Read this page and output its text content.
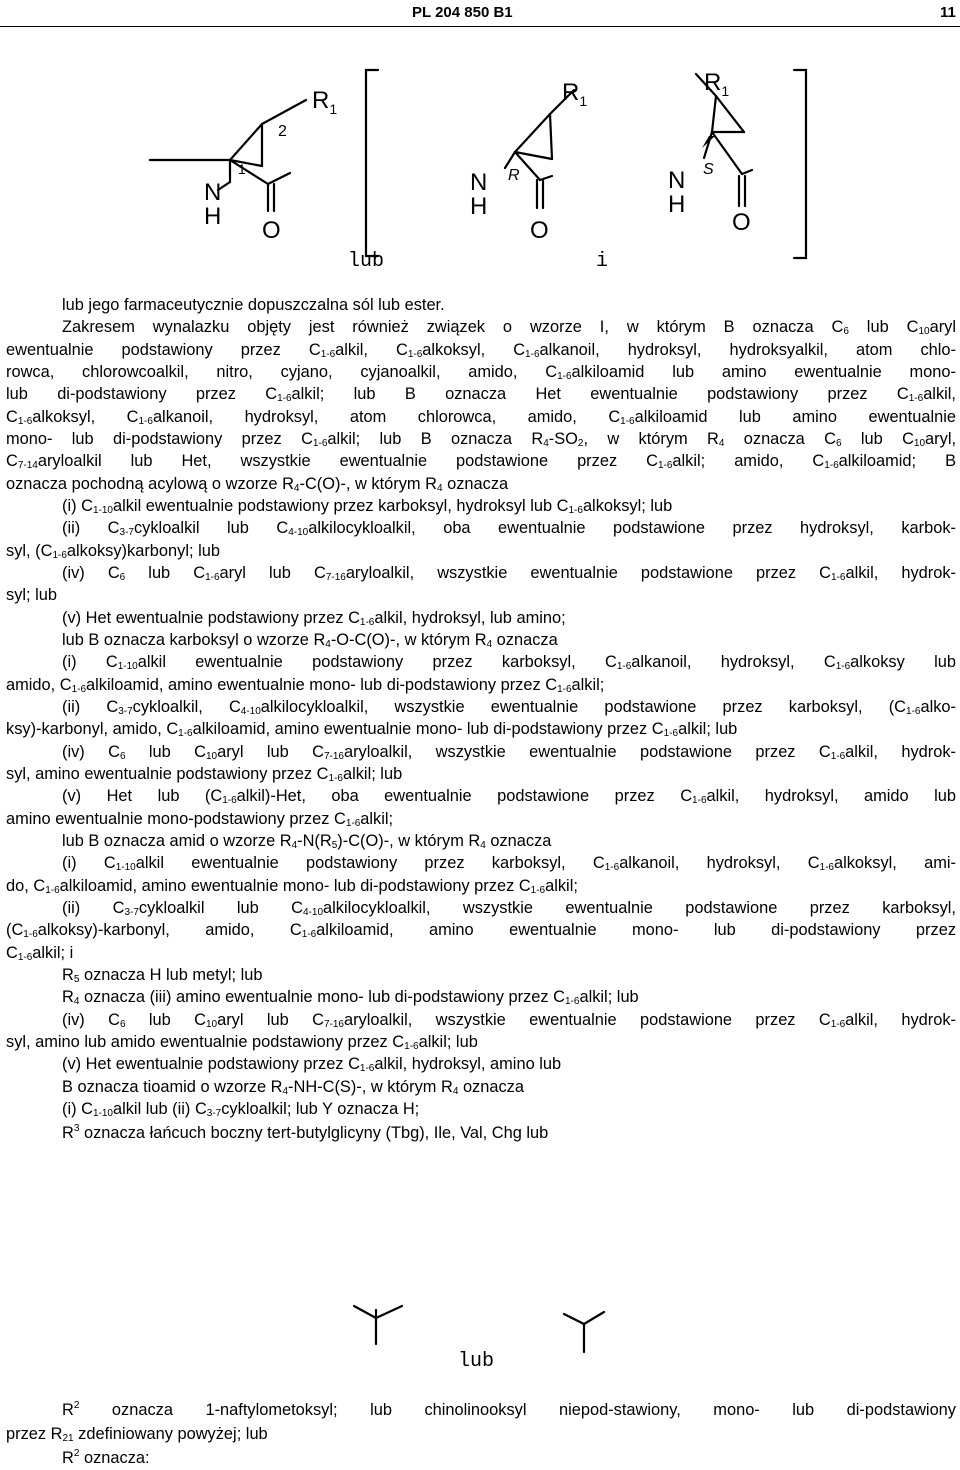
PL 204 850 B1	11
$R_1$
2
1
N
H
O
$R_1$
N
H
R
O
$R_1$
N
H
S
O
lub	i
lub jego farmaceutycznie dopuszczalna sól lub ester.
Zakresem wynalazku objęty jest również związek o wzorze I, w którym B oznacza $C_6$ lub $C_{10}aryl$
ewentualnie podstawiony przez $C_{1-6}alkil$, $C_{1-6}alkoksyl$, $C_{1-6}alkanoil$, hydroksyl, hydroksyalkil, atom chlo-
rowca, chlorowcoalkil, nitro, cyjano, cyjanoalkil, amido, $C_{1-6}alkiloamid$ lub amino ewentualnie mono-
lub di-podstawiony przez $C_{1-6}alkil$; lub B oznacza Het ewentualnie podstawiony przez $C_{1-6}alkil$,
$C_{1-6}alkoksyl$, $C_{1-6}alkanoil$, hydroksyl, atom chlorowca, amido, $C_{1-6}alkiloamid$ lub amino ewentualnie
mono- lub di-podstawiony przez $C_{1-6}alkil$; lub B oznacza $R_4-SO_2$, w którym $R_4$ oznacza $C_6$ lub $C_{10}aryl$,
$C_{7-14}aryloalkil$ lub Het, wszystkie ewentualnie podstawione przez $C_{1-6}alkil$; amido, $C_{1-6}alkiloamid$; B
oznacza pochodną acylową o wzorze $R_4-C(O)-$, w którym $R_4$ oznacza
(i) $C_{1-10}alkil$ ewentualnie podstawiony przez karboksyl, hydroksyl lub $C_{1-6}alkoksyl$; lub
(ii) $C_{3-7}cykloalkil$ lub $C_{4-10}alkilocykloalkil$, oba ewentualnie podstawione przez hydroksyl, karbok-
syl, $(C_{1-6}alkoksy)karbonyl$; lub
(iv) $C_6$ lub $C_{1-6}aryl$ lub $C_{7-16}aryloalkil$, wszystkie ewentualnie podstawione przez $C_{1-6}alkil$, hydrok-
syl; lub
(v) Het ewentualnie podstawiony przez $C_{1-6}alkil$, hydroksyl, lub amino;
lub B oznacza karboksyl o wzorze $R_4-O-C(O)-$, w którym $R_4$ oznacza
(i) $C_{1-10}alkil$ ewentualnie podstawiony przez karboksyl, $C_{1-6}alkanoil$, hydroksyl, $C_{1-6}alkoksy$ lub
amido, $C_{1-6}alkiloamid$, amino ewentualnie mono- lub di-podstawiony przez $C_{1-6}alkil$;
(ii) $C_{3-7}cykloalkil$, $C_{4-10}alkilocykloalkil$, wszystkie ewentualnie podstawione przez karboksyl, ($C_{1-6}alko-$
ksy)-karbonyl, amido, $C_{1-6}alkiloamid$, amino ewentualnie mono- lub di-podstawiony przez $C_{1-6}alkil$; lub
(iv) $C_6$ lub $C_{10}aryl$ lub $C_{7-16}aryloalkil$, wszystkie ewentualnie podstawione przez $C_{1-6}alkil$, hydrok-
syl, amino ewentualnie podstawiony przez $C_{1-6}alkil$; lub
(v) Het lub $(C_{1-6}alkil)$-Het, oba ewentualnie podstawione przez $C_{1-6}alkil$, hydroksyl, amido lub
amino ewentualnie mono-podstawiony przez $C_{1-6}alkil$;
lub B oznacza amid o wzorze $R_4-N(R_5)-C(O)-$, w którym $R_4$ oznacza
(i) $C_{1-10}alkil$ ewentualnie podstawiony przez karboksyl, $C_{1-6}alkanoil$, hydroksyl, $C_{1-6}alkoksyl$, ami-
do, $C_{1-6}alkiloamid$, amino ewentualnie mono- lub di-podstawiony przez $C_{1-6}alkil$;
(ii) $C_{3-7}cykloalkil$ lub $C_{4-10}alkilocykloalkil$, wszystkie ewentualnie podstawione przez karboksyl,
$(C_{1-6}alkoksy)$-karbonyl, amido, $C_{1-6}alkiloamid$, amino ewentualnie mono- lub di-podstawiony przez
$C_{1-6}alkil$; i
$R_5$ oznacza H lub metyl; lub
$R_4$ oznacza (iii) amino ewentualnie mono- lub di-podstawiony przez $C_{1-6}alkil$; lub
(iv) $C_6$ lub $C_{10}aryl$ lub $C_{7-16}aryloalkil$, wszystkie ewentualnie podstawione przez $C_{1-6}alkil$, hydrok-
syl, amino lub amido ewentualnie podstawiony przez $C_{1-6}alkil$; lub
(v) Het ewentualnie podstawiony przez $C_{1-6}alkil$, hydroksyl, amino lub
B oznacza tioamid o wzorze $R_4-NH-C(S)-$, w którym $R_4$ oznacza
(i) $C_{1-10}alkil$ lub (ii) $C_{3-7}cykloalkil$; lub Y oznacza H;
$R^3$ oznacza łańcuch boczny tert-butylglicyny (Tbg), Ile, Val, Chg lub
lub
$R^2$ oznacza 1-naftylometoksyl; lub chinolinooksyl niepod-stawiony, mono- lub di-podstawiony
przez $R_{21}$ zdefiniowany powyżej; lub
$R^2$ oznacza:
